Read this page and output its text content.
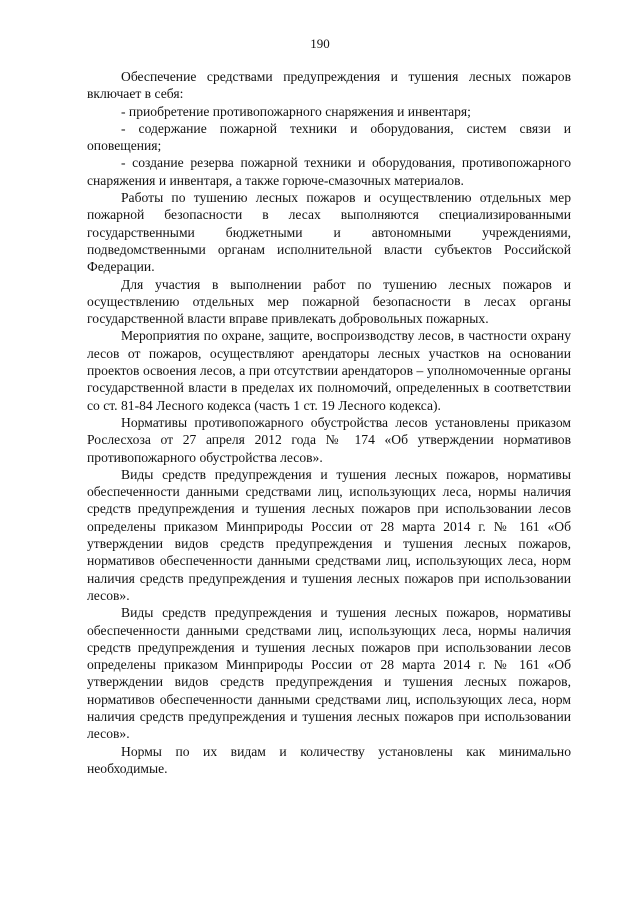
190

Обеспечение средствами предупреждения и тушения лесных пожаров включает в себя:

- приобретение противопожарного снаряжения и инвентаря;

- содержание пожарной техники и оборудования, систем связи и оповещения;

- создание резерва пожарной техники и оборудования, противопожарного снаряжения и инвентаря, а также горюче-смазочных материалов.

Работы по тушению лесных пожаров и осуществлению отдельных мер пожарной безопасности в лесах выполняются специализированными государственными бюджетными и автономными учреждениями, подведомственными органам исполнительной власти субъектов Российской Федерации.

Для участия в выполнении работ по тушению лесных пожаров и осуществлению отдельных мер пожарной безопасности в лесах органы государственной власти вправе привлекать добровольных пожарных.

Мероприятия по охране, защите, воспроизводству лесов, в частности охрану лесов от пожаров, осуществляют арендаторы лесных участков на основании проектов освоения лесов, а при отсутствии арендаторов – уполномоченные органы государственной власти в пределах их полномочий, определенных в соответствии со ст. 81-84 Лесного кодекса (часть 1 ст. 19 Лесного кодекса).

Нормативы противопожарного обустройства лесов установлены приказом Рослесхоза от 27 апреля 2012 года № 174 «Об утверждении нормативов противопожарного обустройства лесов».

Виды средств предупреждения и тушения лесных пожаров, нормативы обеспеченности данными средствами лиц, использующих леса, нормы наличия средств предупреждения и тушения лесных пожаров при использовании лесов определены приказом Минприроды России от 28 марта 2014 г. № 161 «Об утверждении видов средств предупреждения и тушения лесных пожаров, нормативов обеспеченности данными средствами лиц, использующих леса, норм наличия средств предупреждения и тушения лесных пожаров при использовании лесов».

Виды средств предупреждения и тушения лесных пожаров, нормативы обеспеченности данными средствами лиц, использующих леса, нормы наличия средств предупреждения и тушения лесных пожаров при использовании лесов определены приказом Минприроды России от 28 марта 2014 г. № 161 «Об утверждении видов средств предупреждения и тушения лесных пожаров, нормативов обеспеченности данными средствами лиц, использующих леса, норм наличия средств предупреждения и тушения лесных пожаров при использовании лесов».

Нормы по их видам и количеству установлены как минимально необходимые.
